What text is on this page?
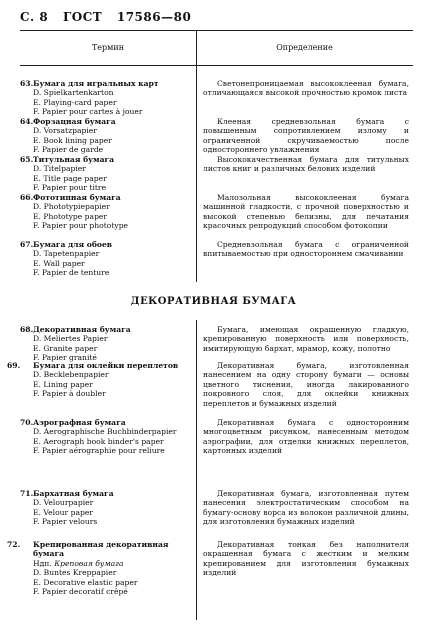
С. 8 ГОСТ 17586—80
Термин	Определение
63.Бумага для игральных карт
D. Spielkartenkarton
E. Playing-card paper
F. Papier pour cartes à jouer

Светонепроницаемая высококлееная бумага, отличающаяся высокой прочностью кромок листа

64.Форзацная бумага
D. Vorsatzpapier
E. Book lining paper
F. Papier de garde

Клееная средневзольная бумага с повышенным сопротивлением излому и ограниченной скручиваемостью после одностороннего увлажнения

65.Титульная бумага
D. Titelpapier
E. Title page paper
F. Papier pour titre

Высококачественная бумага для титульных листов книг и различных белових изделий

66.Фототипная бумага
D. Phototypiepapier
E. Phototype paper
F. Papier pour phototype

Малозольная высококлееная бумага машинной гладкости, с прочной поверхностью и высокой степенью белизны, для печатания красочных репродукций способом фотокопии

67.Бумага для обоев
D. Tapetenpapier
E. Wall paper
F. Papier de tenture

Средневзольная бумага с ограниченной впитываемостью при одностороннем смачивании

ДЕКОРАТИВНАЯ БУМАГА
68.Декоративная бумага
D. Meliertes Papier
E. Granite paper
F. Papier granité

Бумага, имеющая окрашенную гладкую, крепированную поверхность или поверхность, имитирующую бархат, мрамор, кожу, полотно

69. Бумага для оклейки переплетов
D. Becklebenpapier
E. Lining paper
F. Papier à doubler

Декоративная бумага, изготовленная нанесением на одну сторону бумаги — основы цветного тиснения, иногда лакированного покровного слоя, для оклейки книжных переплетов и бумажных изделий

70.Аэрографная бумага
D. Aerographische Buchbinderpapier
E. Aerograph book binder's paper
F. Papier aérographie pour reliure

Декоративная бумага с односторонним многоцветным рисунком, нанесенным методом аэрографии, для отделки книжных переплетов, картонных изделий

71.Бархатная бумага
D. Velourpapier
E. Velour paper
F. Papier velours

Декоративная бумага, изготовленная путем нанесения электростатическим способом на бумагу-основу ворса из волокон различной длины, для изготовления бумажных изделий

72. Крепированная декоративная бумага
Ндп. Креповая бумага
D. Buntes Kreppapier
E. Decorative elastic paper
F. Papier decoratif crêpé

Декоративная тонкая без наполнителя окрашенная бумага с жестким и мелким крепированием для изготовления бумажных изделий
